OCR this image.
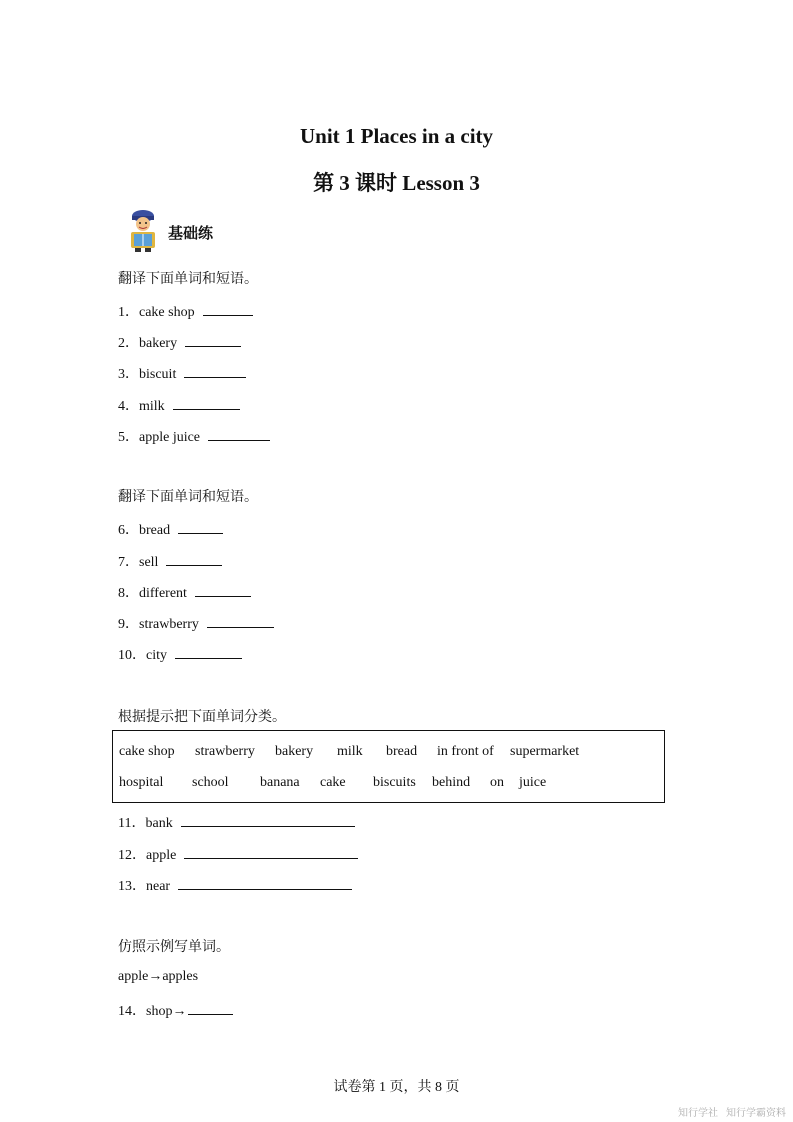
Unit 1 Places in a city
第 3 课时 Lesson 3
基础练
翻译下面单词和短语。
1．cake shop
2．bakery
3．biscuit
4．milk
5．apple juice
翻译下面单词和短语。
6．bread
7．sell
8．different
9．strawberry
10．city
根据提示把下面单词分类。
cake shop strawberry bakery milk bread in front of supermarket
hospital school banana cake biscuits behind on juice
11．bank
12．apple
13．near
仿照示例写单词。
apple→apples
14．shop→
试卷第 1 页，共 8 页
知行学社 知行学霸资料
